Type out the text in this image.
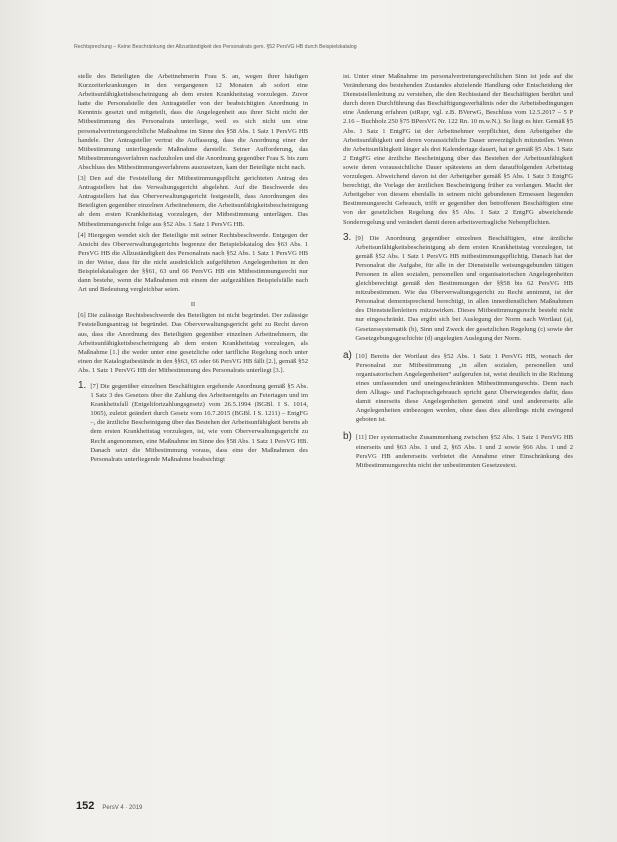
Rechtsprechung – Keine Beschränkung der Allzuständigkeit des Personalrats gem. §52 PersVG HB durch Beispielskatalog

stelle des Beteiligten die Arbeitnehmerin Frau S. an, wegen ihrer häufigen Kurzzeiterkrankungen in den vergangenen 12 Monaten ab sofort eine Arbeitsunfähigkeitsbescheinigung ab dem ersten Krankheitstag vorzulegen. Zuvor hatte die Personalstelle den Antragsteller von der beabsichtigten Anordnung in Kenntnis gesetzt und mitgeteilt, dass die Angelegenheit aus ihrer Sicht nicht der Mitbestimmung des Personalrats unterliege, weil es sich nicht um eine personalvertretungsrechtliche Maßnahme im Sinne des §58 Abs. 1 Satz 1 PersVG HB handele. Der Antragsteller vertrat die Auffassung, dass die Anordnung einer der Mitbestimmung unterliegende Maßnahme darstelle. Seiner Aufforderung, das Mitbestimmungsverfahren nachzuholen und die Anordnung gegenüber Frau S. bis zum Abschluss des Mitbestimmungsverfahrens auszusetzen, kam der Beteiligte nicht nach.

[3] Den auf die Feststellung der Mitbestimmungspflicht gerichteten Antrag des Antragstellers hat das Verwaltungsgericht abgelehnt. Auf die Beschwerde des Antragstellers hat das Oberverwaltungsgericht festgestellt, dass Anordnungen des Beteiligten gegenüber einzelnen Arbeitnehmern, die Arbeitsunfähigkeitsbescheinigung ab dem ersten Krankheitstag vorzulegen, der Mitbestimmung unterlägen. Das Mitbestimmungsrecht folge aus §52 Abs. 1 Satz 1 PersVG HB.

[4] Hiergegen wendet sich der Beteiligte mit seiner Rechtsbeschwerde. Entgegen der Ansicht des Oberverwaltungsgerichts begrenze der Beispielskatalog des §63 Abs. 1 PersVG HB die Allzuständigkeit des Personalrats nach §52 Abs. 1 Satz 1 PersVG HB in der Weise, dass für die nicht ausdrücklich aufgeführten Angelegenheiten in den Beispielskatalogen der §§61, 63 und 66 PersVG HB ein Mitbestimmungsrecht nur dann bestehe, wenn die Maßnahmen mit einem der aufgezählten Beispielsfälle nach Art und Bedeutung vergleichbar seien.

II

[6] Die zulässige Rechtsbeschwerde des Beteiligten ist nicht begründet. Der zulässige Feststellungsantrag ist begründet. Das Oberverwaltungsgericht geht zu Recht davon aus, dass die Anordnung des Beteiligten gegenüber einzelnen Arbeitnehmern, die Arbeitsunfähigkeitsbescheinigung ab dem ersten Krankheitstag vorzulegen, als Maßnahme [1.] die weder unter eine gesetzliche oder tarifliche Regelung noch unter einen der Katalogtatbestände in den §§63, 65 oder 66 PersVG HB fällt [2.], gemäß §52 Abs. 1 Satz 1 PersVG HB der Mitbestimmung des Personalrats unterliegt [3.].

1. [7] Die gegenüber einzelnen Beschäftigten ergehende Anordnung gemäß §5 Abs. 1 Satz 3 des Gesetzes über die Zahlung des Arbeitsentgelts an Feiertagen und im Krankheitsfall (Entgeltfortzahlungsgesetz) vom 26.5.1994 (BGBl. I S. 1014, 1065), zuletzt geändert durch Gesetz vom 16.7.2015 (BGBl. I S. 1211) – EntgFG –, die ärztliche Bescheinigung über das Bestehen der Arbeitsunfähigkeit bereits ab dem ersten Krankheitstag vorzulegen, ist, wie vom Oberverwaltungsgericht zu Recht angenommen, eine Maßnahme im Sinne des §58 Abs. 1 Satz 1 PersVG HB. Danach setzt die Mitbestimmung voraus, dass eine der Maßnahmen des Personalrats unterliegende Maßnahme beabsichtigt

ist. Unter einer Maßnahme im personalvertretungsrechtlichen Sinn ist jede auf die Veränderung des bestehenden Zustandes abzielende Handlung oder Entscheidung der Dienststellenleitung zu verstehen, die den Rechtsstand der Beschäftigten berührt und durch deren Durchführung das Beschäftigungsverhältnis oder die Arbeitsbedingungen eine Änderung erfahren (stRspr, vgl. z.B. BVerwG, Beschluss vom 12.5.2017 – 5 P 2.16 – Buchholz 250 §75 BPersVG Nr. 122 Rn. 10 m.w.N.). So liegt es hier. Gemäß §5 Abs. 1 Satz 1 EntgFG ist der Arbeitnehmer verpflichtet, dem Arbeitgeber die Arbeitsunfähigkeit und deren voraussichtliche Dauer unverzüglich mitzuteilen. Wenn die Arbeitsunfähigkeit länger als drei Kalendertage dauert, hat er gemäß §5 Abs. 1 Satz 2 EntgFG eine ärztliche Bescheinigung über das Bestehen der Arbeitsunfähigkeit sowie deren voraussichtliche Dauer spätestens an dem darauffolgenden Arbeitstag vorzulegen. Abweichend davon ist der Arbeitgeber gemäß §5 Abs. 1 Satz 3 EntgFG berechtigt, die Vorlage der ärztlichen Bescheinigung früher zu verlangen. Macht der Arbeitgeber von diesem ebenfalls in seinem nicht gebundenen Ermessen liegenden Bestimmungsrecht Gebrauch, trifft er gegenüber den betroffenen Beschäftigten eine von der gesetzlichen Regelung des §5 Abs. 1 Satz 2 EntgFG abweichende Sonderregelung und verändert damit deren arbeitsvertragliche Nebenpflichten.

3. [9] Die Anordnung gegenüber einzelnen Beschäftigten, eine ärztliche Arbeitsunfähigkeitsbescheinigung ab dem ersten Krankheitstag vorzulegen, ist gemäß §52 Abs. 1 Satz 1 PersVG HB mitbestimmungspflichtig. Danach hat der Personalrat die Aufgabe, für alle in der Dienststelle weisungsgebunden tätigen Personen in allen sozialen, personellen und organisatorischen Angelegenheiten gleichberechtigt gemäß den Bestimmungen der §§58 bis 62 PersVG HB mitzubestimmen. Wie das Oberverwaltungsgericht zu Recht annimmt, ist der Personalrat dementsprechend berechtigt, in allen innerdienstlichen Maßnahmen des Dienststellenleiters mitzuwirken. Dieses Mitbestimmungsrecht besteht nicht nur eingeschränkt. Das ergibt sich bei Auslegung der Norm nach Wortlaut (a), Gesetzessystematik (b), Sinn und Zweck der gesetzlichen Regelung (c) sowie der Gesetzgebungsgeschichte (d) angelegten Auslegung der Norm.

a) [10] Bereits der Wortlaut des §52 Abs. 1 Satz 1 PersVG HB, wonach der Personalrat zur Mitbestimmung „in allen sozialen, personellen und organisatorischen Angelegenheiten“ aufgerufen ist, weist deutlich in die Richtung eines umfassenden und uneingeschränkten Mitbestimmungsrechts. Denn nach dem Alltags- und Fachsprachgebrauch spricht ganz Überwiegendes dafür, dass damit einerseits diese Angelegenheiten gemeint sind und andererseits alle Angelegenheiten einbezogen werden, ohne dass dies allerdings nicht zwingend geboten ist.

b) [11] Der systematische Zusammenhang zwischen §52 Abs. 1 Satz 1 PersVG HB einerseits und §63 Abs. 1 und 2, §65 Abs. 1 und 2 sowie §66 Abs. 1 und 2 PersVG HB andererseits verbietet die Annahme einer Einschränkung des Mitbestimmungsrechts nicht der unbestimmten Gesetzestext.

152 PersV 4 · 2019
